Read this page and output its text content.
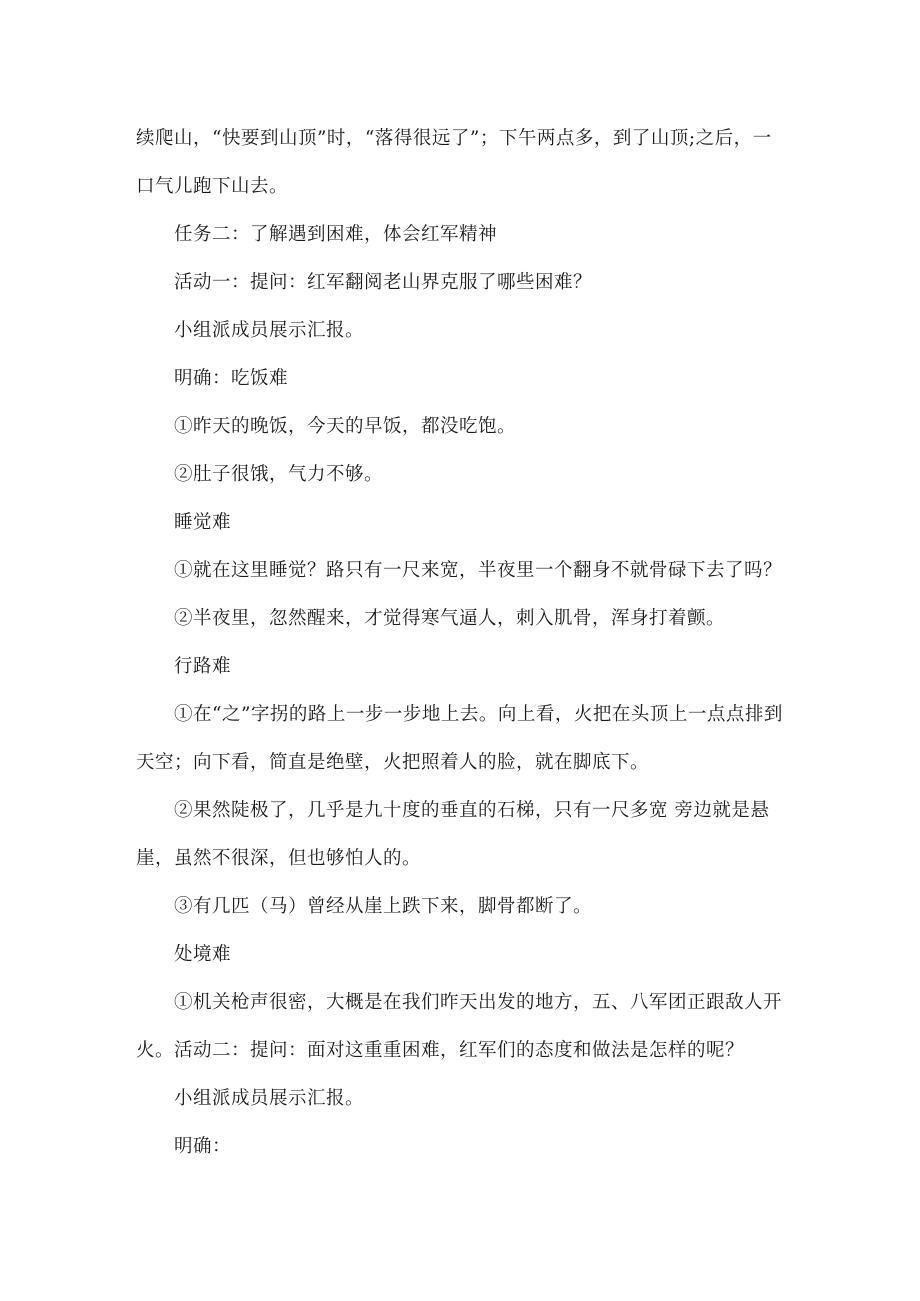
续爬山，“快要到山顶”时，“落得很远了”；下午两点多，到了山顶;之后，一口气儿跑下山去。

任务二：了解遇到困难，体会红军精神

活动一：提问：红军翻阅老山界克服了哪些困难？

小组派成员展示汇报。

明确：吃饭难

①昨天的晚饭，今天的早饭，都没吃饱。

②肚子很饿，气力不够。

睡觉难

①就在这里睡觉？路只有一尺来宽，半夜里一个翻身不就骨碌下去了吗？

②半夜里，忽然醒来，才觉得寒气逼人，刺入肌骨，浑身打着颤。

行路难

①在“之”字拐的路上一步一步地上去。向上看，火把在头顶上一点点排到天空；向下看，简直是绝壁，火把照着人的脸，就在脚底下。

②果然陡极了，几乎是九十度的垂直的石梯，只有一尺多宽 旁边就是悬崖，虽然不很深，但也够怕人的。

③有几匹（马）曾经从崖上跌下来，脚骨都断了。

处境难

①机关枪声很密，大概是在我们昨天出发的地方，五、八军团正跟敌人开火。 活动二：提问：面对这重重困难，红军们的态度和做法是怎样的呢？

小组派成员展示汇报。

明确：
